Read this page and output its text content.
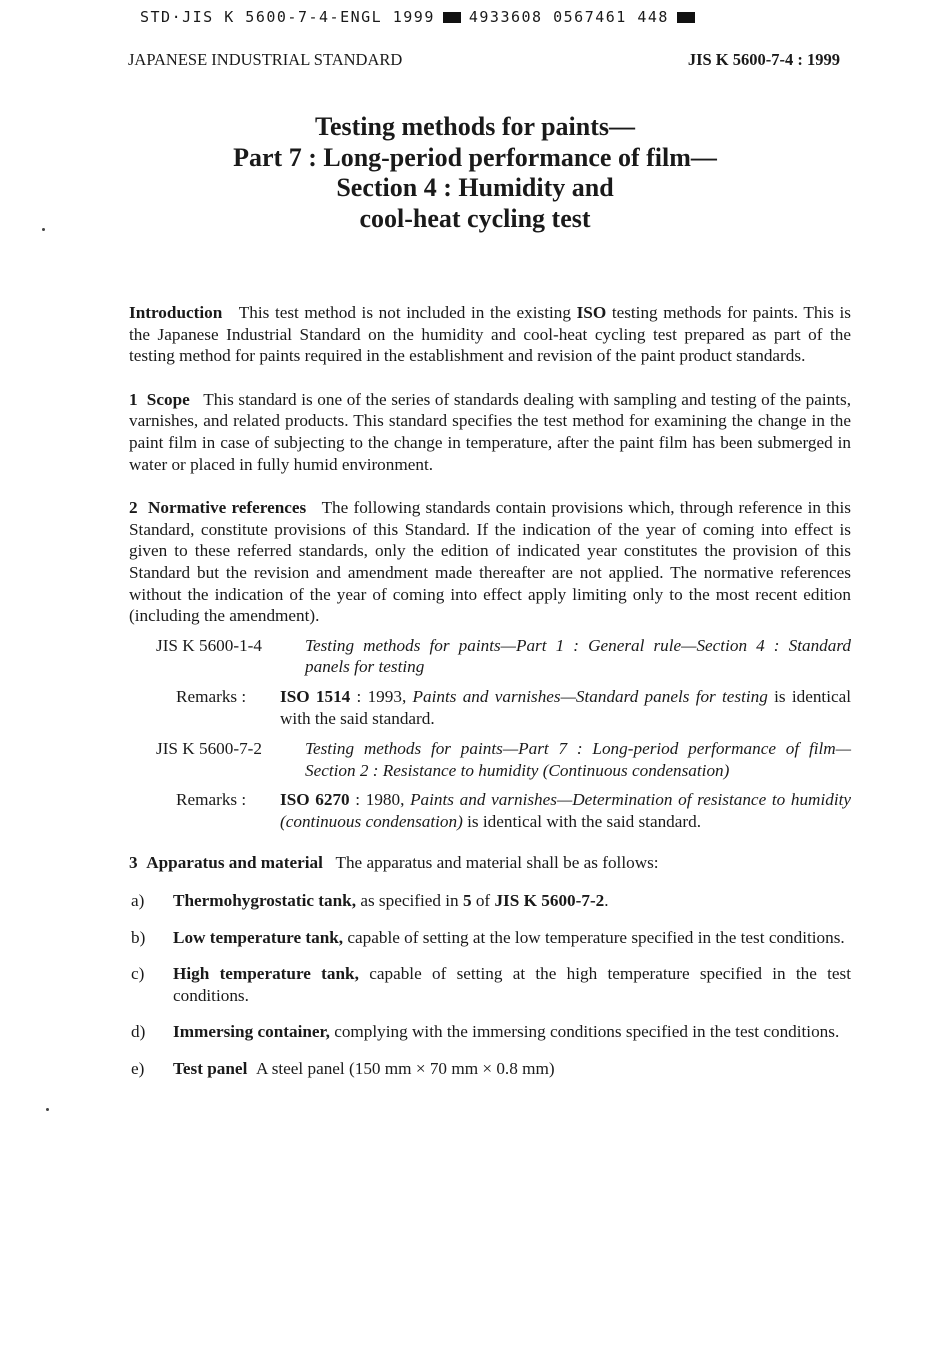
STD·JIS K 5600-7-4-ENGL 1999 4933608 0567461 448
JAPANESE INDUSTRIAL STANDARD	JIS K 5600-7-4 : 1999
Testing methods for paints—
Part 7 : Long-period performance of film—
Section 4 : Humidity and
cool-heat cycling test

Introduction This test method is not included in the existing ISO testing methods for paints. This is the Japanese Industrial Standard on the humidity and cool-heat cycling test prepared as part of the testing method for paints required in the establishment and revision of the paint product standards.

1 Scope This standard is one of the series of standards dealing with sampling and testing of the paints, varnishes, and related products. This standard specifies the test method for examining the change in the paint film in case of subjecting to the change in temperature, after the paint film has been submerged in water or placed in fully humid environment.

2 Normative references The following standards contain provisions which, through reference in this Standard, constitute provisions of this Standard. If the indication of the year of coming into effect is given to these referred standards, only the edition of indicated year constitutes the provision of this Standard but the revision and amendment made thereafter are not applied. The normative references without the indication of the year of coming into effect apply limiting only to the most recent edition (including the amendment).

JIS K 5600-1-4	Testing methods for paints—Part 1 : General rule—Section 4 : Standard panels for testing
Remarks : ISO 1514 : 1993, Paints and varnishes—Standard panels for testing is identical with the said standard.
JIS K 5600-7-2	Testing methods for paints—Part 7 : Long-period performance of film—Section 2 : Resistance to humidity (Continuous condensation)
Remarks : ISO 6270 : 1980, Paints and varnishes—Determination of resistance to humidity (continuous condensation) is identical with the said standard.

3 Apparatus and material The apparatus and material shall be as follows:

a) Thermohygrostatic tank, as specified in 5 of JIS K 5600-7-2.
b) Low temperature tank, capable of setting at the low temperature specified in the test conditions.
c) High temperature tank, capable of setting at the high temperature specified in the test conditions.
d) Immersing container, complying with the immersing conditions specified in the test conditions.
e) Test panel A steel panel (150 mm × 70 mm × 0.8 mm)
